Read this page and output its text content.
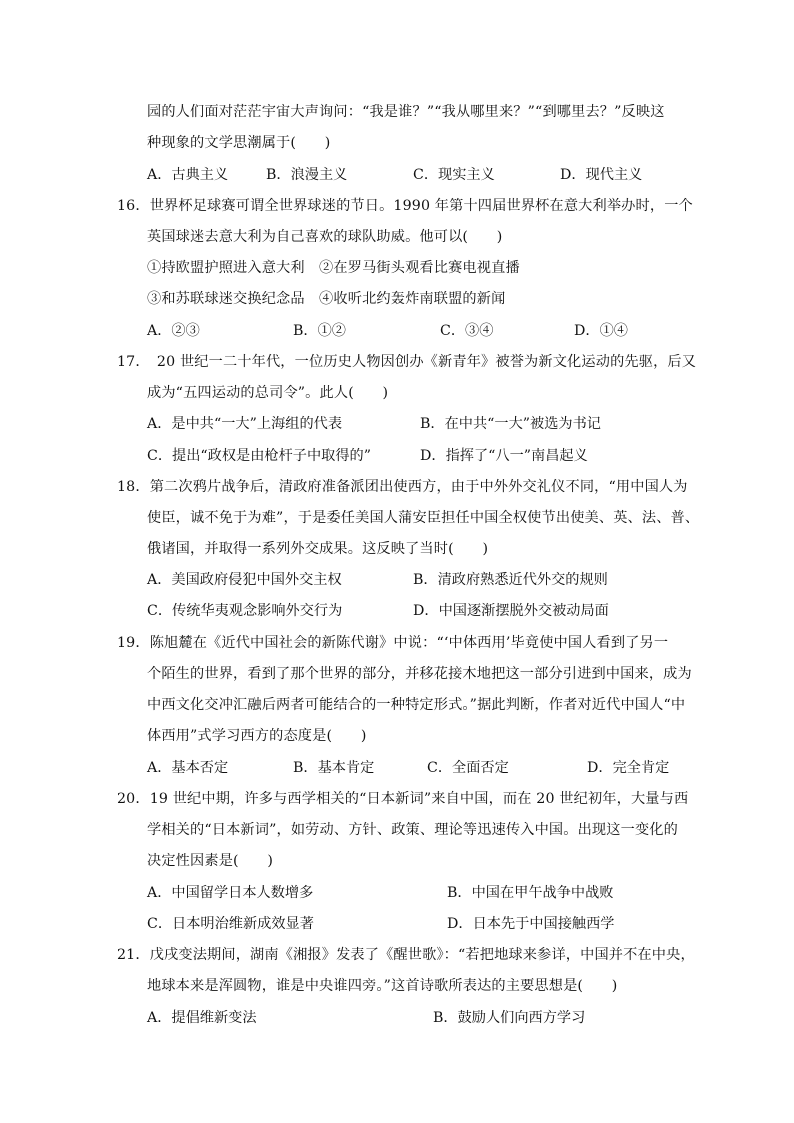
园的人们面对茫茫宇宙大声询问：“我是谁？”“我从哪里来？”“到哪里去？”反映这
种现象的文学思潮属于(　　)
A．古典主义	B．浪漫主义	C．现实主义	D．现代主义
16．世界杯足球赛可谓全世界球迷的节日。1990 年第十四届世界杯在意大利举办时，一个
英国球迷去意大利为自己喜欢的球队助威。他可以(　　)
①持欧盟护照进入意大利　②在罗马街头观看比赛电视直播
③和苏联球迷交换纪念品　④收听北约轰炸南联盟的新闻
A．②③	B．①②	C．③④	D．①④
17．　20 世纪一二十年代，一位历史人物因创办《新青年》被誉为新文化运动的先驱，后又
成为“五四运动的总司令”。此人(　　)
A．是中共“一大”上海组的代表	B．在中共“一大”被选为书记
C．提出“政权是由枪杆子中取得的”	D．指挥了“八一”南昌起义
18．第二次鸦片战争后，清政府准备派团出使西方，由于中外外交礼仪不同，“用中国人为
使臣，诚不免于为难”，于是委任美国人蒲安臣担任中国全权使节出使美、英、法、普、
俄诸国，并取得一系列外交成果。这反映了当时(　　)
A．美国政府侵犯中国外交主权	B．清政府熟悉近代外交的规则
C．传统华夷观念影响外交行为	D．中国逐渐摆脱外交被动局面
19．陈旭麓在《近代中国社会的新陈代谢》中说：“‘中体西用’毕竟使中国人看到了另一
个陌生的世界，看到了那个世界的部分，并移花接木地把这一部分引进到中国来，成为
中西文化交冲汇融后两者可能结合的一种特定形式。”据此判断，作者对近代中国人“中
体西用”式学习西方的态度是(　　)
A．基本否定	B．基本肯定	C．全面否定	D．完全肯定
20．19 世纪中期，许多与西学相关的“日本新词”来自中国，而在 20 世纪初年，大量与西
学相关的“日本新词”，如劳动、方针、政策、理论等迅速传入中国。出现这一变化的
决定性因素是(　　)
A．中国留学日本人数增多	B．中国在甲午战争中战败
C．日本明治维新成效显著	D．日本先于中国接触西学
21．戊戌变法期间，湖南《湘报》发表了《醒世歌》：“若把地球来参详，中国并不在中央，
地球本来是浑圆物，谁是中央谁四旁。”这首诗歌所表达的主要思想是(　　)
A．提倡维新变法	B．鼓励人们向西方学习
